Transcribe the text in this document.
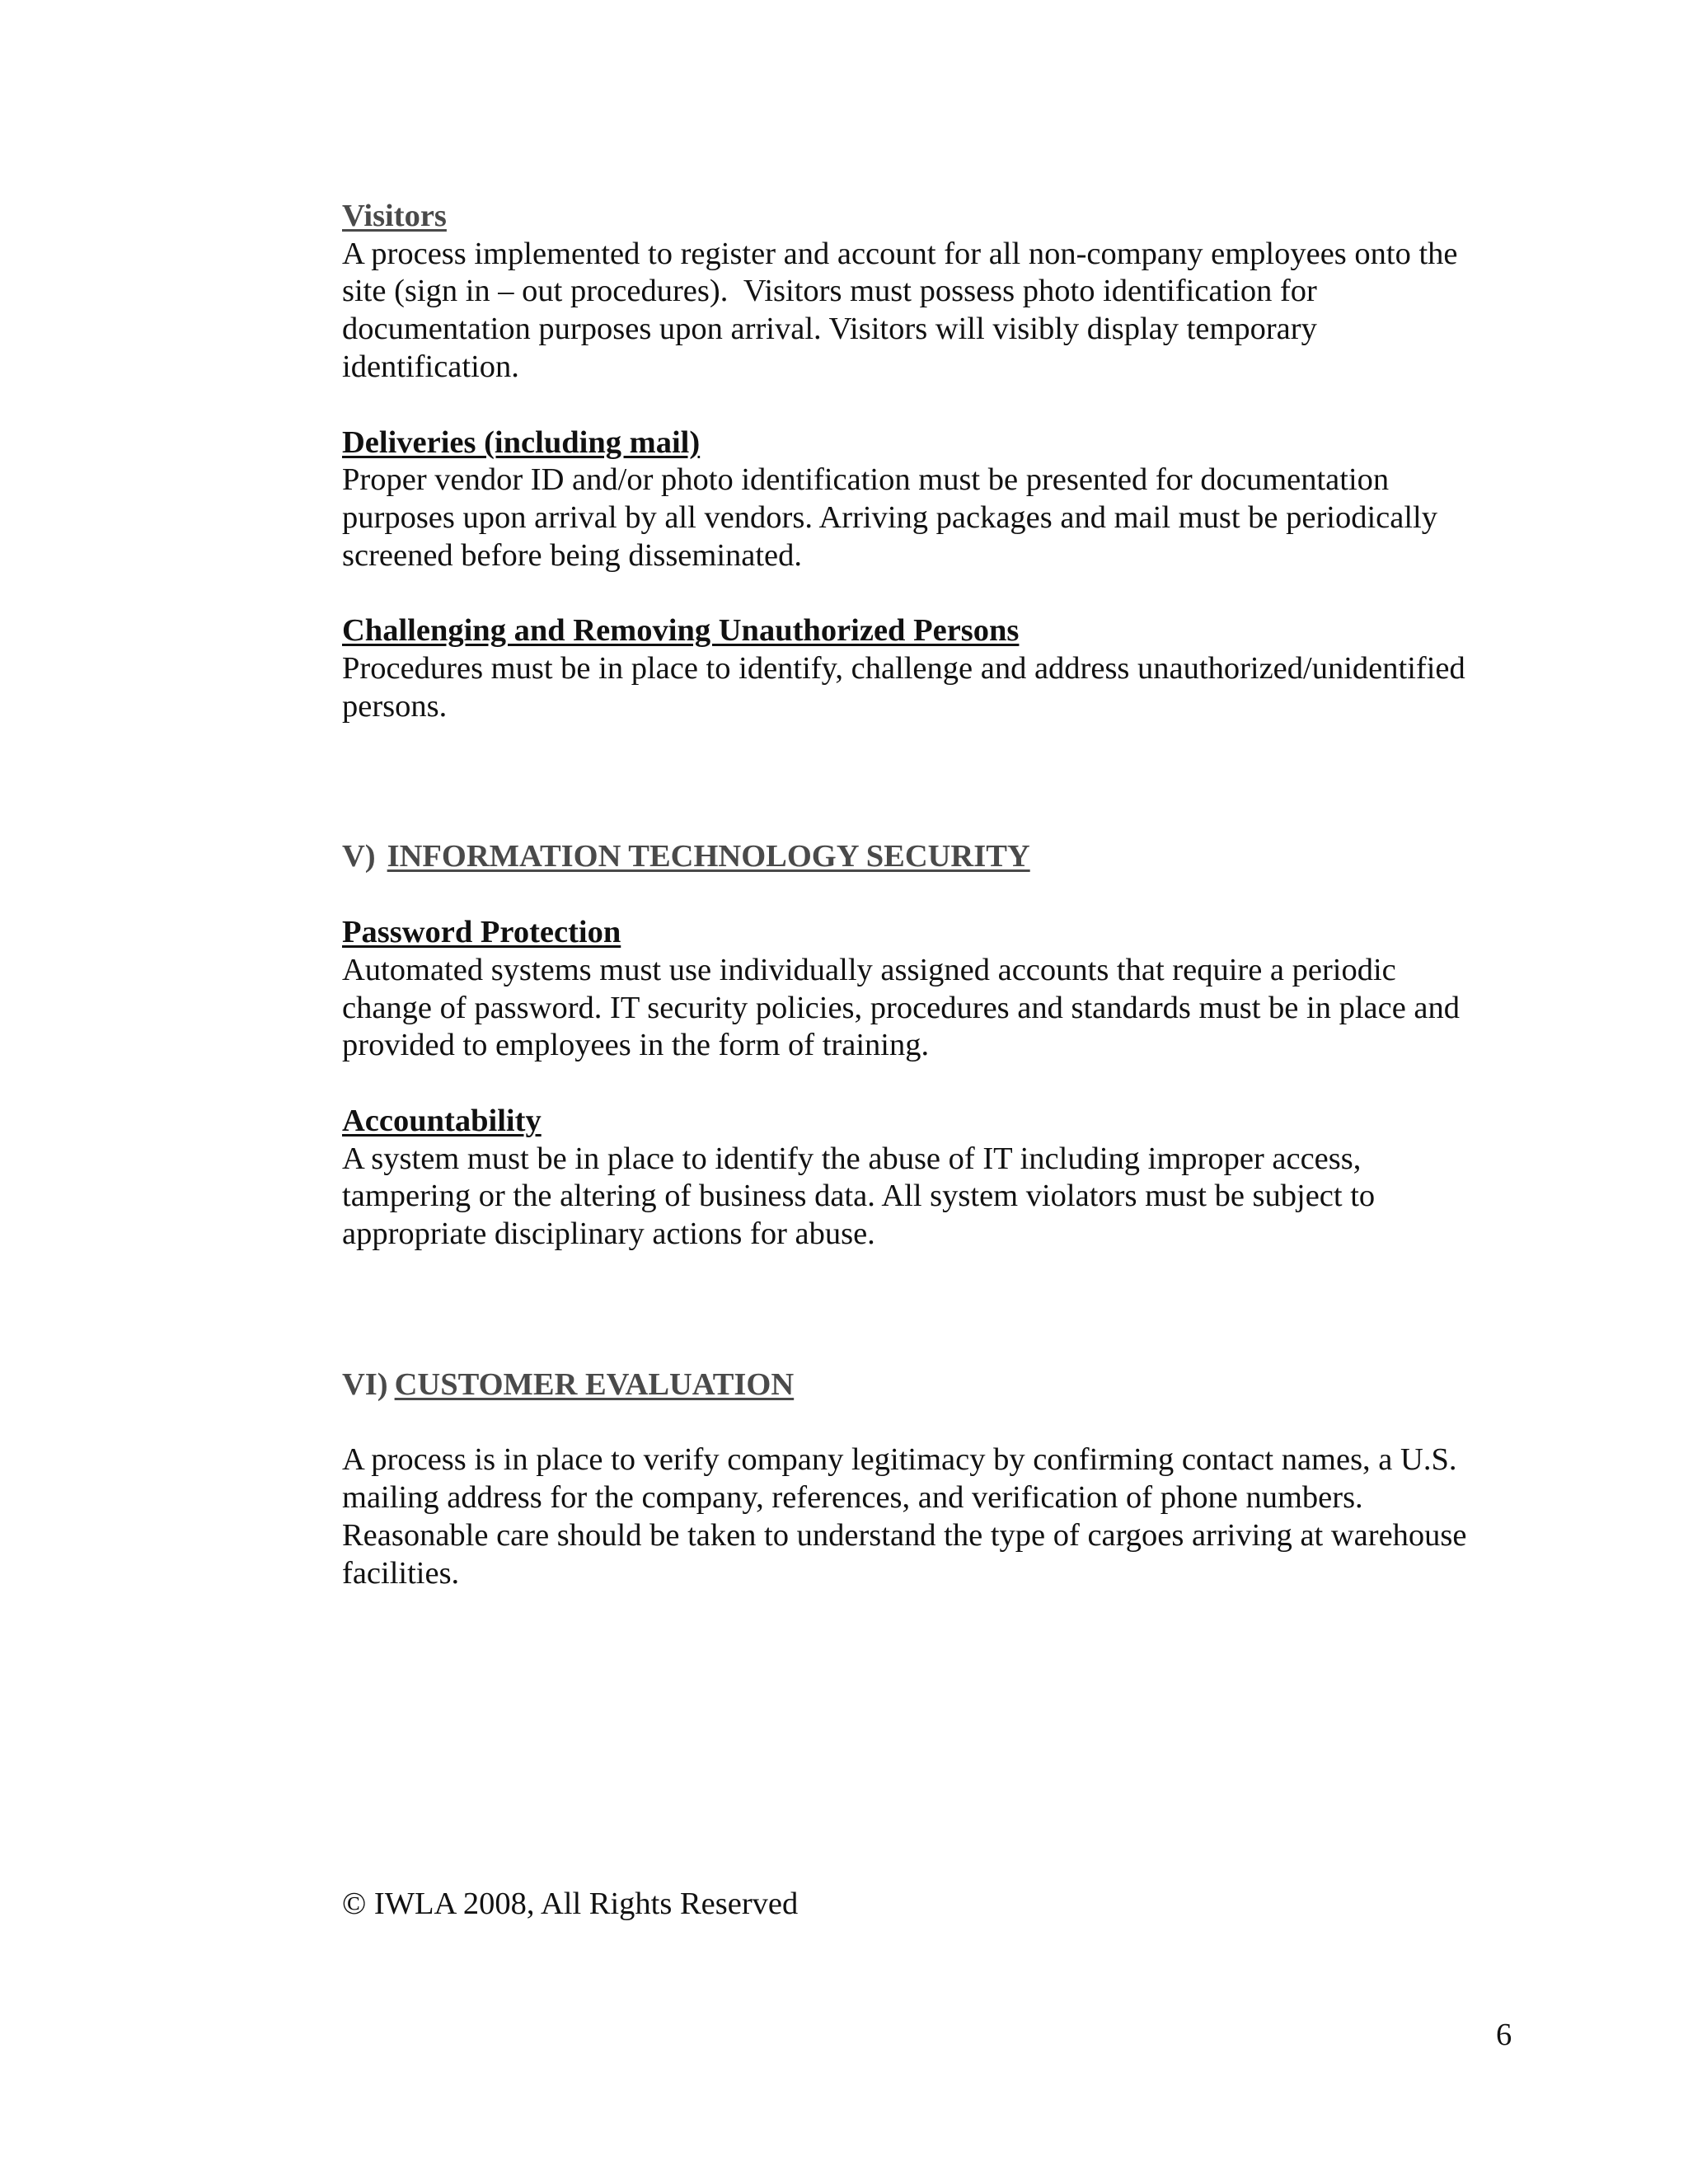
Visitors
A process implemented to register and account for all non-company employees onto the
site (sign in – out procedures).  Visitors must possess photo identification for
documentation purposes upon arrival. Visitors will visibly display temporary
identification.
Deliveries (including mail)
Proper vendor ID and/or photo identification must be presented for documentation
purposes upon arrival by all vendors. Arriving packages and mail must be periodically
screened before being disseminated.
Challenging and Removing Unauthorized Persons
Procedures must be in place to identify, challenge and address unauthorized/unidentified
persons.
V) INFORMATION TECHNOLOGY SECURITY
Password Protection
Automated systems must use individually assigned accounts that require a periodic
change of password. IT security policies, procedures and standards must be in place and
provided to employees in the form of training.
Accountability
A system must be in place to identify the abuse of IT including improper access,
tampering or the altering of business data. All system violators must be subject to
appropriate disciplinary actions for abuse.
VI) CUSTOMER EVALUATION
A process is in place to verify company legitimacy by confirming contact names, a U.S.
mailing address for the company, references, and verification of phone numbers.
Reasonable care should be taken to understand the type of cargoes arriving at warehouse
facilities.
© IWLA 2008, All Rights Reserved
6
